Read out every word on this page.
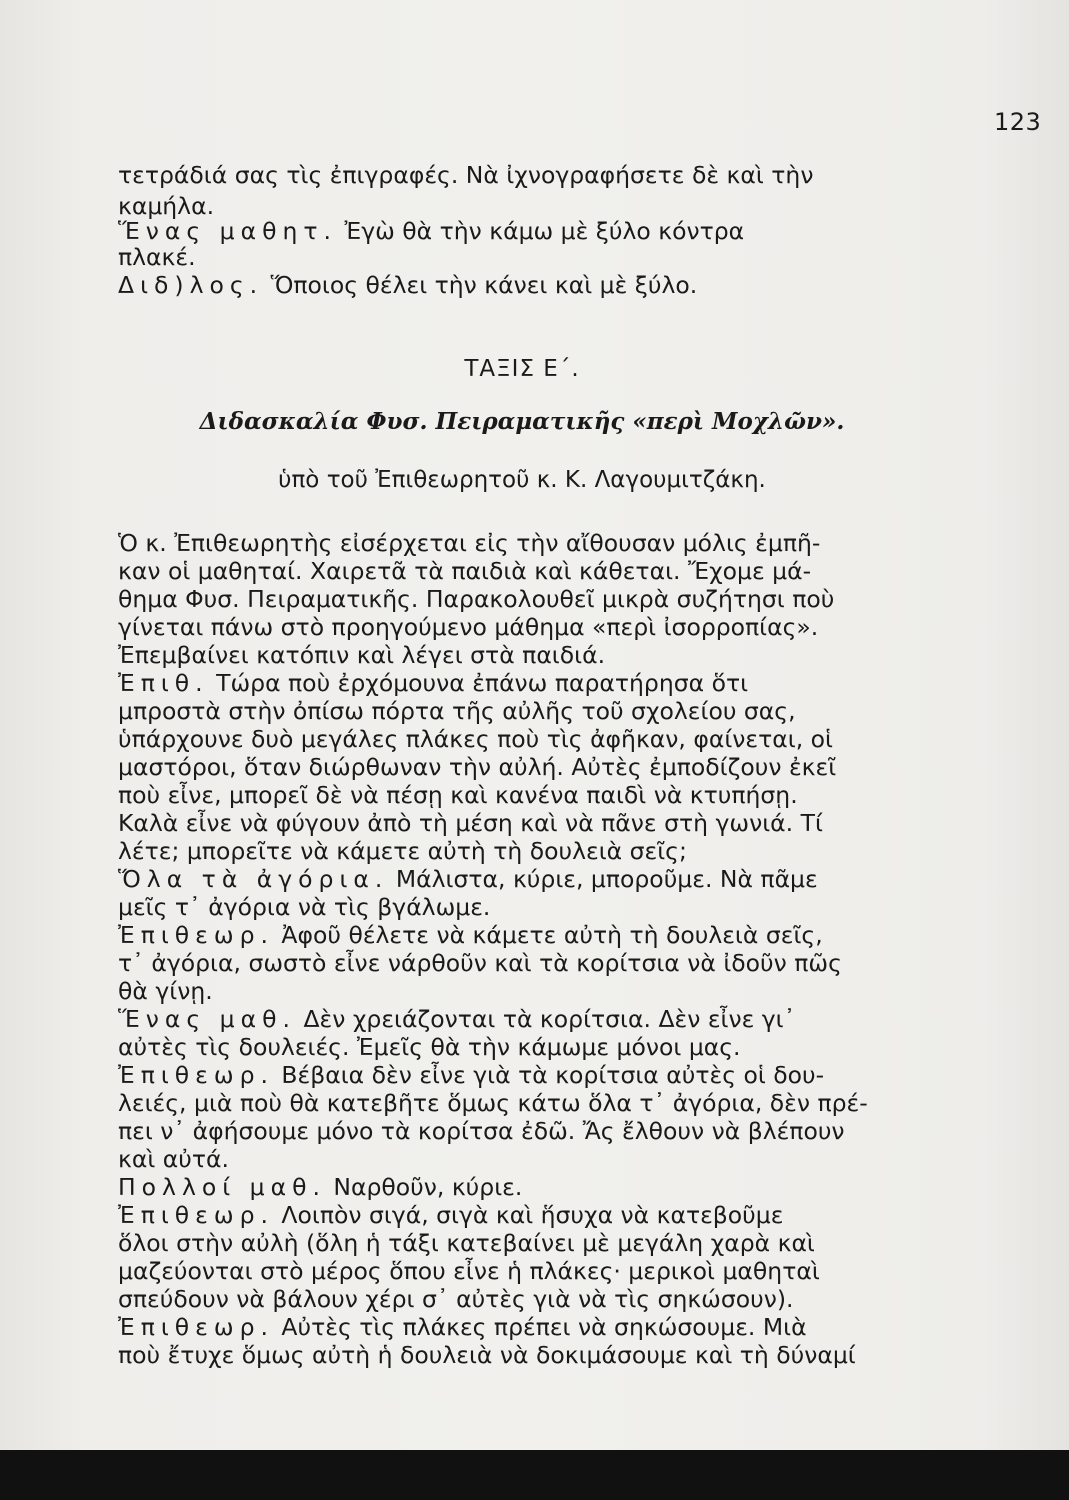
123
τετράδιά σας τὶς ἐπιγραφές. Νὰ ἰχνογραφήσετε δὲ καὶ τὴν
καμήλα.
Ἕνας μαθητ. Ἐγὼ θὰ τὴν κάμω μὲ ξύλο κόντρα
πλακέ.
Διδ)λος. Ὅποιος θέλει τὴν κάνει καὶ μὲ ξύλο.
ΤΑΞΙΣ Ε΄.
Διδασκαλία Φυσ. Πειραματικῆς «περὶ Μοχλῶν».
ὑπὸ τοῦ Ἐπιθεωρητοῦ κ. Κ. Λαγουμιτζάκη.
Ὁ κ. Ἐπιθεωρητὴς εἰσέρχεται εἰς τὴν αἴθουσαν μόλις ἐμπῆ-
καν οἱ μαθηταί. Χαιρετᾶ τὰ παιδιὰ καὶ κάθεται. Ἔχομε μά-
θημα Φυσ. Πειραματικῆς. Παρακολουθεῖ μικρὰ συζήτησι ποὺ
γίνεται πάνω στὸ προηγούμενο μάθημα «περὶ ἰσορροπίας».
Ἐπεμβαίνει κατόπιν καὶ λέγει στὰ παιδιά.
Ἐπιθ. Τώρα ποὺ ἐρχόμουνα ἐπάνω παρατήρησα ὅτι
μπροστὰ στὴν ὀπίσω πόρτα τῆς αὐλῆς τοῦ σχολείου σας,
ὑπάρχουνε δυὸ μεγάλες πλάκες ποὺ τὶς ἀφῆκαν, φαίνεται, οἱ
μαστόροι, ὅταν διώρθωναν τὴν αὐλή. Αὐτὲς ἐμποδίζουν ἐκεῖ
ποὺ εἶνε, μπορεῖ δὲ νὰ πέσῃ καὶ κανένα παιδὶ νὰ κτυπήσῃ.
Καλὰ εἶνε νὰ φύγουν ἀπὸ τὴ μέση καὶ νὰ πᾶνε στὴ γωνιά. Τί
λέτε; μπορεῖτε νὰ κάμετε αὐτὴ τὴ δουλειὰ σεῖς;
Ὅλα τὰ ἀγόρια. Μάλιστα, κύριε, μποροῦμε. Νὰ πᾶμε
μεῖς τ᾽ ἀγόρια νὰ τὶς βγάλωμε.
Ἐπιθεωρ. Ἀφοῦ θέλετε νὰ κάμετε αὐτὴ τὴ δουλειὰ σεῖς,
τ᾽ ἀγόρια, σωστὸ εἶνε νάρθοῦν καὶ τὰ κορίτσια νὰ ἰδοῦν πῶς
θὰ γίνῃ.
Ἕνας μαθ. Δὲν χρειάζονται τὰ κορίτσια. Δὲν εἶνε γι᾽
αὐτὲς τὶς δουλειές. Ἐμεῖς θὰ τὴν κάμωμε μόνοι μας.
Ἐπιθεωρ. Βέβαια δὲν εἶνε γιὰ τὰ κορίτσια αὐτὲς οἱ δου-
λειές, μιὰ ποὺ θὰ κατεβῆτε ὅμως κάτω ὅλα τ᾽ ἀγόρια, δὲν πρέ-
πει ν᾽ ἀφήσουμε μόνο τὰ κορίτσα ἐδῶ. Ἄς ἔλθουν νὰ βλέπουν
καὶ αὐτά.
Πολλοί μαθ. Ναρθοῦν, κύριε.
Ἐπιθεωρ. Λοιπὸν σιγά, σιγὰ καὶ ἥσυχα νὰ κατεβοῦμε
ὅλοι στὴν αὐλὴ (ὅλη ἡ τάξι κατεβαίνει μὲ μεγάλη χαρὰ καὶ
μαζεύονται στὸ μέρος ὅπου εἶνε ἡ πλάκες· μερικοὶ μαθηταὶ
σπεύδουν νὰ βάλουν χέρι σ᾽ αὐτὲς γιὰ νὰ τὶς σηκώσουν).
Ἐπιθεωρ. Αὐτὲς τὶς πλάκες πρέπει νὰ σηκώσουμε. Μιὰ
ποὺ ἔτυχε ὅμως αὐτὴ ἡ δουλειὰ νὰ δοκιμάσουμε καὶ τὴ δύναμί
